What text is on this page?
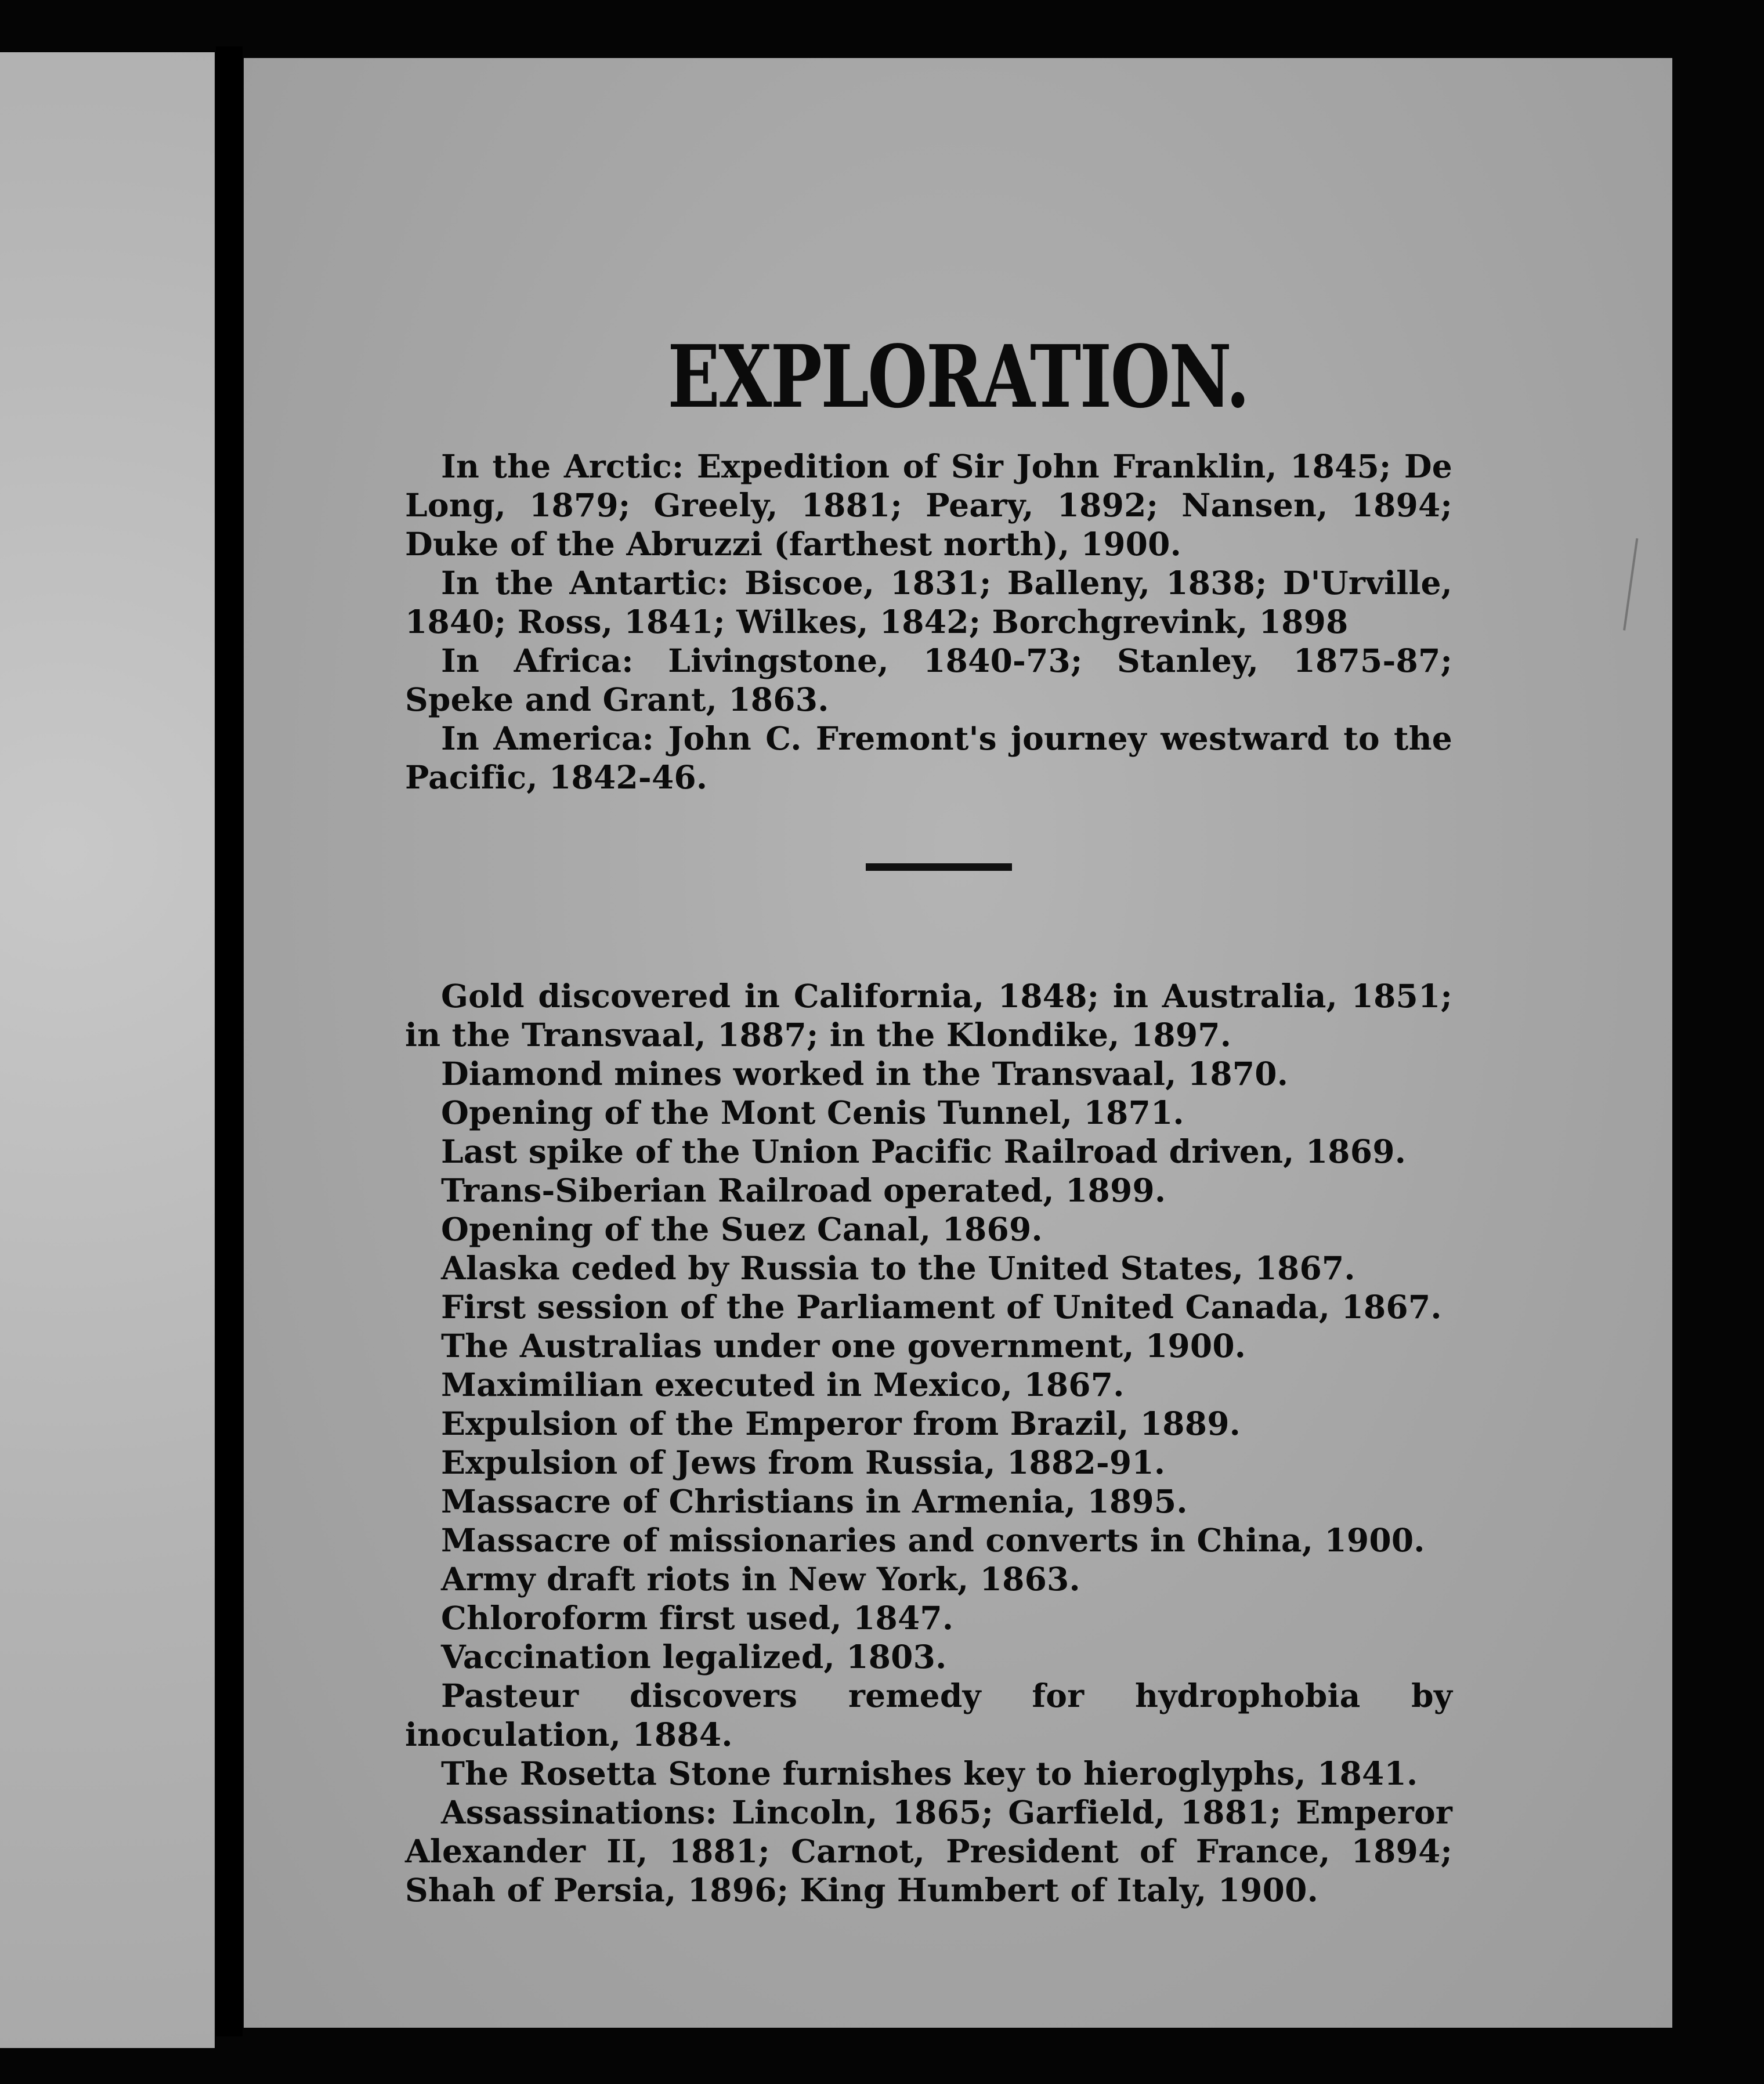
EXPLORATION.

In the Arctic: Expedition of Sir John Franklin, 1845; De Long, 1879; Greely, 1881; Peary, 1892; Nansen, 1894; Duke of the Abruzzi (farthest north), 1900.

In the Antartic: Biscoe, 1831; Balleny, 1838; D'Urville, 1840; Ross, 1841; Wilkes, 1842; Borchgrevink, 1898

In Africa: Livingstone, 1840-73; Stanley, 1875-87; Speke and Grant, 1863.

In America: John C. Fremont's journey westward to the Pacific, 1842-46.

Gold discovered in California, 1848; in Australia, 1851; in the Transvaal, 1887; in the Klondike, 1897.

Diamond mines worked in the Transvaal, 1870.

Opening of the Mont Cenis Tunnel, 1871.

Last spike of the Union Pacific Railroad driven, 1869.

Trans-Siberian Railroad operated, 1899.

Opening of the Suez Canal, 1869.

Alaska ceded by Russia to the United States, 1867.

First session of the Parliament of United Canada, 1867.

The Australias under one government, 1900.

Maximilian executed in Mexico, 1867.

Expulsion of the Emperor from Brazil, 1889.

Expulsion of Jews from Russia, 1882-91.

Massacre of Christians in Armenia, 1895.

Massacre of missionaries and converts in China, 1900.

Army draft riots in New York, 1863.

Chloroform first used, 1847.

Vaccination legalized, 1803.

Pasteur discovers remedy for hydrophobia by inoculation, 1884.

The Rosetta Stone furnishes key to hieroglyphs, 1841.

Assassinations: Lincoln, 1865; Garfield, 1881; Emperor Alexander II, 1881; Carnot, President of France, 1894; Shah of Persia, 1896; King Humbert of Italy, 1900.
